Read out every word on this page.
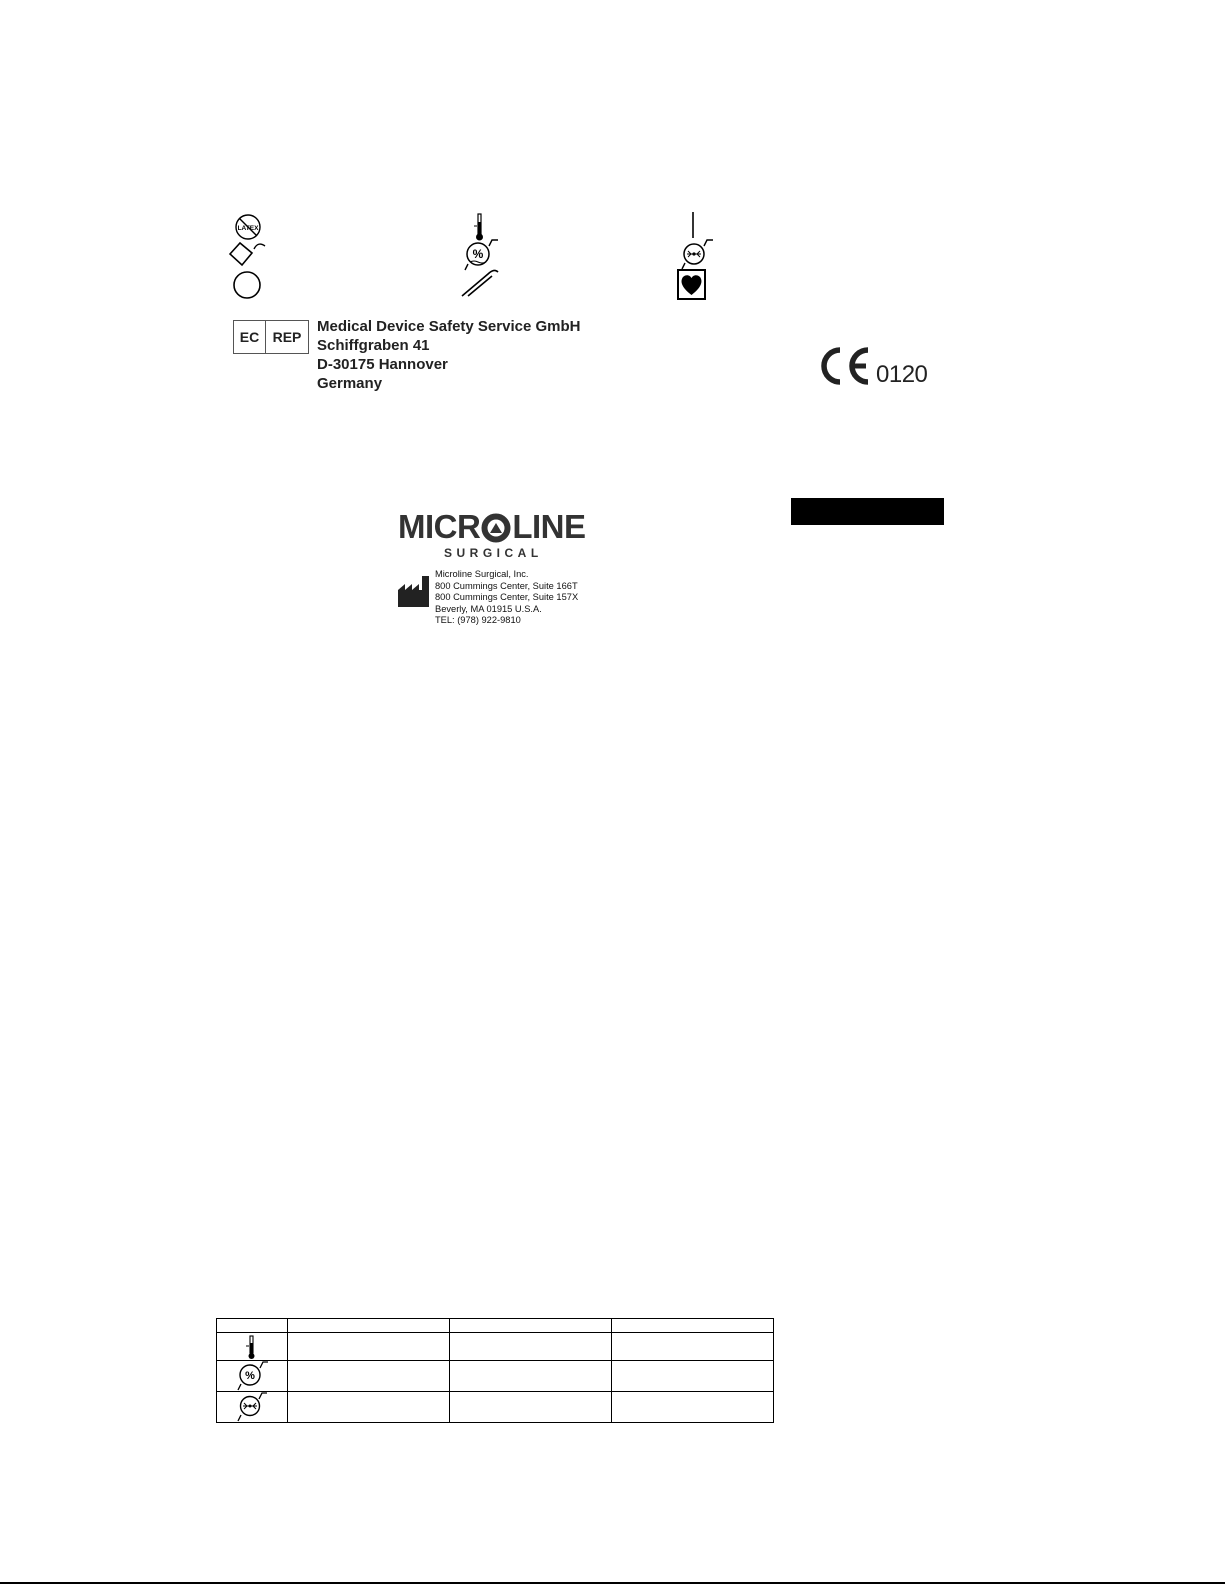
LATEX
%
EC REP
Medical Device Safety Service GmbH
Schiffgraben 41
D-30175 Hannover
Germany	0120
MICR LINE
SURGICAL
Microline Surgical, Inc.
800 Cummings Center, Suite 166T
800 Cummings Center, Suite 157X
Beverly, MA 01915 U.S.A.
TEL: (978) 922-9810

%			
